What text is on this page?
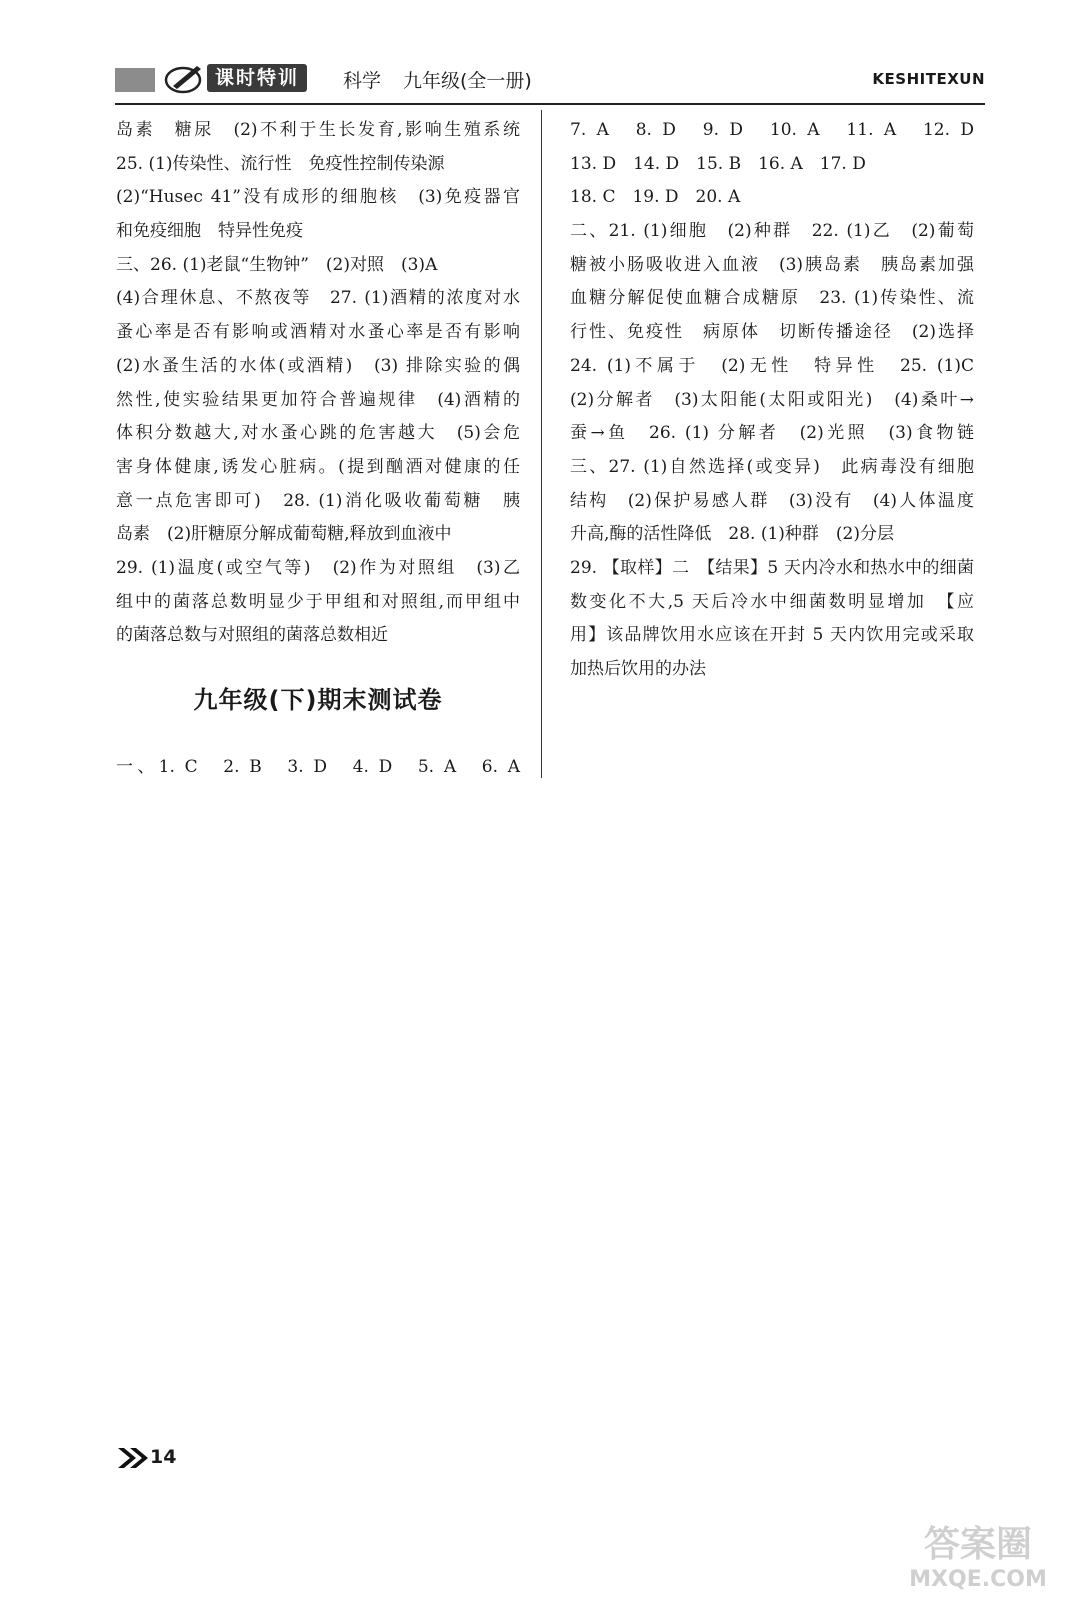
课时特训	科学 九年级(全一册)	KESHITEXUN
岛素　糖尿　(2)不利于生长发育,影响生殖系统
25. (1)传染性、流行性　免疫性控制传染源
(2)“Husec 41”没有成形的细胞核　(3)免疫器官
和免疫细胞　特异性免疫
三、26. (1)老鼠“生物钟”　(2)对照　(3)A
(4)合理休息、不熬夜等　27. (1)酒精的浓度对水
蚤心率是否有影响或酒精对水蚤心率是否有影响
(2)水蚤生活的水体(或酒精)　(3) 排除实验的偶
然性,使实验结果更加符合普遍规律　(4)酒精的
体积分数越大,对水蚤心跳的危害越大　(5)会危
害身体健康,诱发心脏病。(提到酗酒对健康的任
意一点危害即可)　28. (1)消化吸收葡萄糖　胰
岛素　(2)肝糖原分解成葡萄糖,释放到血液中
29. (1)温度(或空气等)　(2)作为对照组　(3)乙
组中的菌落总数明显少于甲组和对照组,而甲组中
的菌落总数与对照组的菌落总数相近
九年级(下)期末测试卷
一、1. C　2. B　3. D　4. D　5. A　6. A
7. A　8. D　9. D　10. A　11. A　12. D
13. D　14. D　15. B　16. A　17. D
18. C　19. D　20. A
二、21. (1)细胞　(2)种群　22. (1)乙　(2)葡萄
糖被小肠吸收进入血液　(3)胰岛素　胰岛素加强
血糖分解促使血糖合成糖原　23. (1)传染性、流
行性、免疫性　病原体　切断传播途径　(2)选择
24. (1)不属于　(2)无性　特异性　25. (1)C
(2)分解者　(3)太阳能(太阳或阳光)　(4)桑叶→
蚕→鱼　26. (1) 分解者　(2)光照　(3)食物链
三、27. (1)自然选择(或变异)　此病毒没有细胞
结构　(2)保护易感人群　(3)没有　(4)人体温度
升高,酶的活性降低　28. (1)种群　(2)分层
29. 【取样】二　【结果】5 天内冷水和热水中的细菌
数变化不大,5 天后冷水中细菌数明显增加　【应
用】该品牌饮用水应该在开封 5 天内饮用完或采取
加热后饮用的办法
14
答案圈
MXQE.COM
